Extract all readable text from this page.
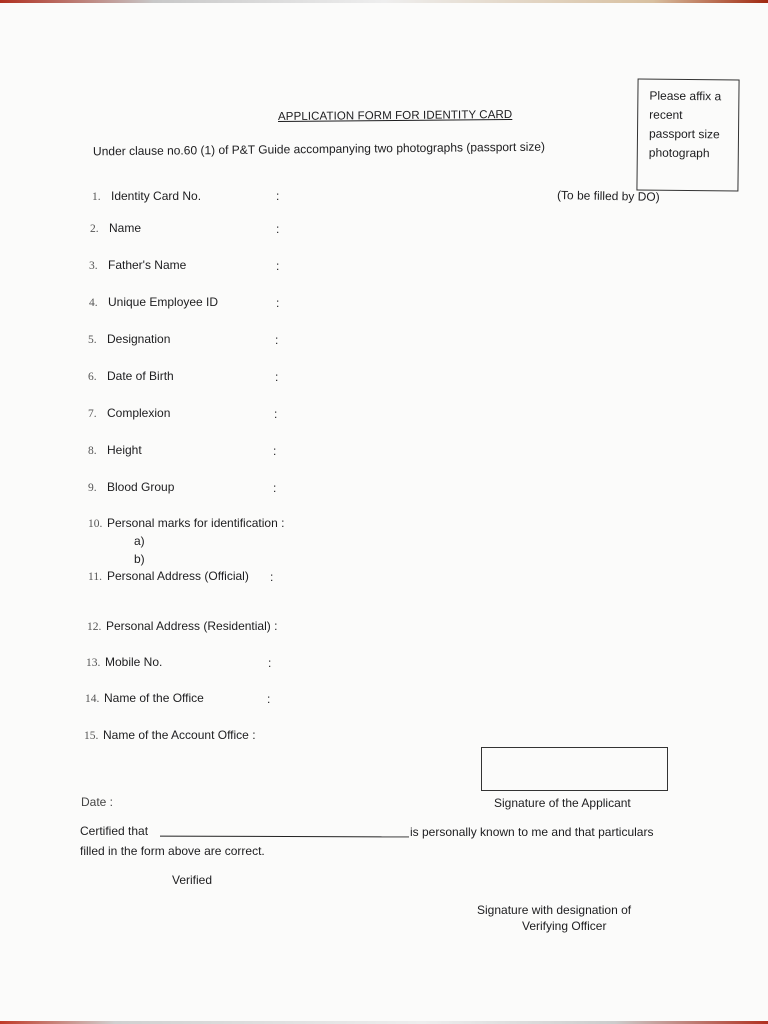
Please affix a
recent
passport size
photograph
APPLICATION FORM FOR IDENTITY CARD
Under clause no.60 (1) of P&T Guide accompanying two photographs (passport size)
(To be filled by DO)
1. Identity Card No.	:
2. Name	:
3. Father's Name	:
4. Unique Employee ID	:
5. Designation	:
6. Date of Birth	:
7. Complexion	:
8. Height	:
9. Blood Group	:
10. Personal marks for identification :
a)
b)
11. Personal Address (Official) :
12. Personal Address (Residential) :
13. Mobile No.	:
14. Name of the Office	:
15. Name of the Account Office :
Date :	Signature of the Applicant
Certified that	is personally known to me and that particulars
filled in the form above are correct.
Verified
Signature with designation of
Verifying Officer
